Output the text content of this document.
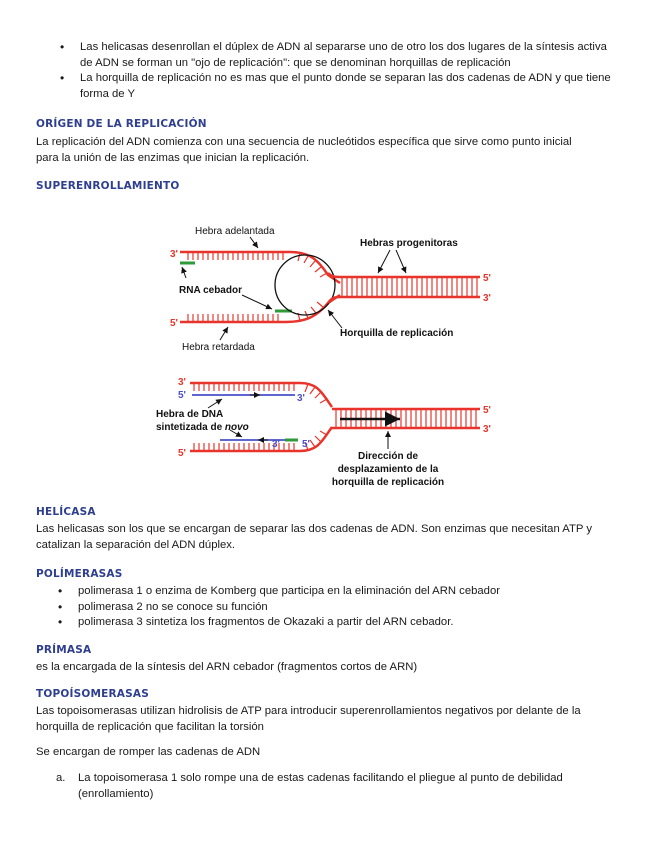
• Las helicasas desenrollan el dúplex de ADN al separarse uno de otro los dos lugares de la síntesis activa de ADN se forman un "ojo de replicación": que se denominan horquillas de replicación
• La horquilla de replicación no es mas que el punto donde se separan las dos cadenas de ADN y que tiene forma de Y
ORÍGEN DE LA REPLICACIÓN
La replicación del ADN comienza con una secuencia de nucleótidos específica que sirve como punto inicial para la unión de las enzimas que inician la replicación.
SUPERENROLLAMIENTO
3'
5'
5'
3'
Hebra adelantada
Hebras progenitoras
RNA cebador
Horquilla de replicación
Hebra retardada
3'
5'	3'
Hebra de DNA
sintetizada de novo
3' 5'
5'
5'
3'
Dirección de
desplazamiento de la
horquilla de replicación
HELÍCASA
Las helicasas son los que se encargan de separar las dos cadenas de ADN. Son enzimas que necesitan ATP y catalizan la separación del ADN dúplex.
POLÍMERASAS
• polimerasa 1 o enzima de Komberg que participa en la eliminación del ARN cebador
• polimerasa 2 no se conoce su función
• polimerasa 3 sintetiza los fragmentos de Okazaki a partir del ARN cebador.
PRÍMASA
es la encargada de la síntesis del ARN cebador (fragmentos cortos de ARN)
TOPOÍSOMERASAS
Las topoisomerasas utilizan hidrolisis de ATP para introducir superenrollamientos negativos por delante de la horquilla de replicación que facilitan la torsión
Se encargan de romper las cadenas de ADN
a. La topoisomerasa 1 solo rompe una de estas cadenas facilitando el pliegue al punto de debilidad (enrollamiento)
